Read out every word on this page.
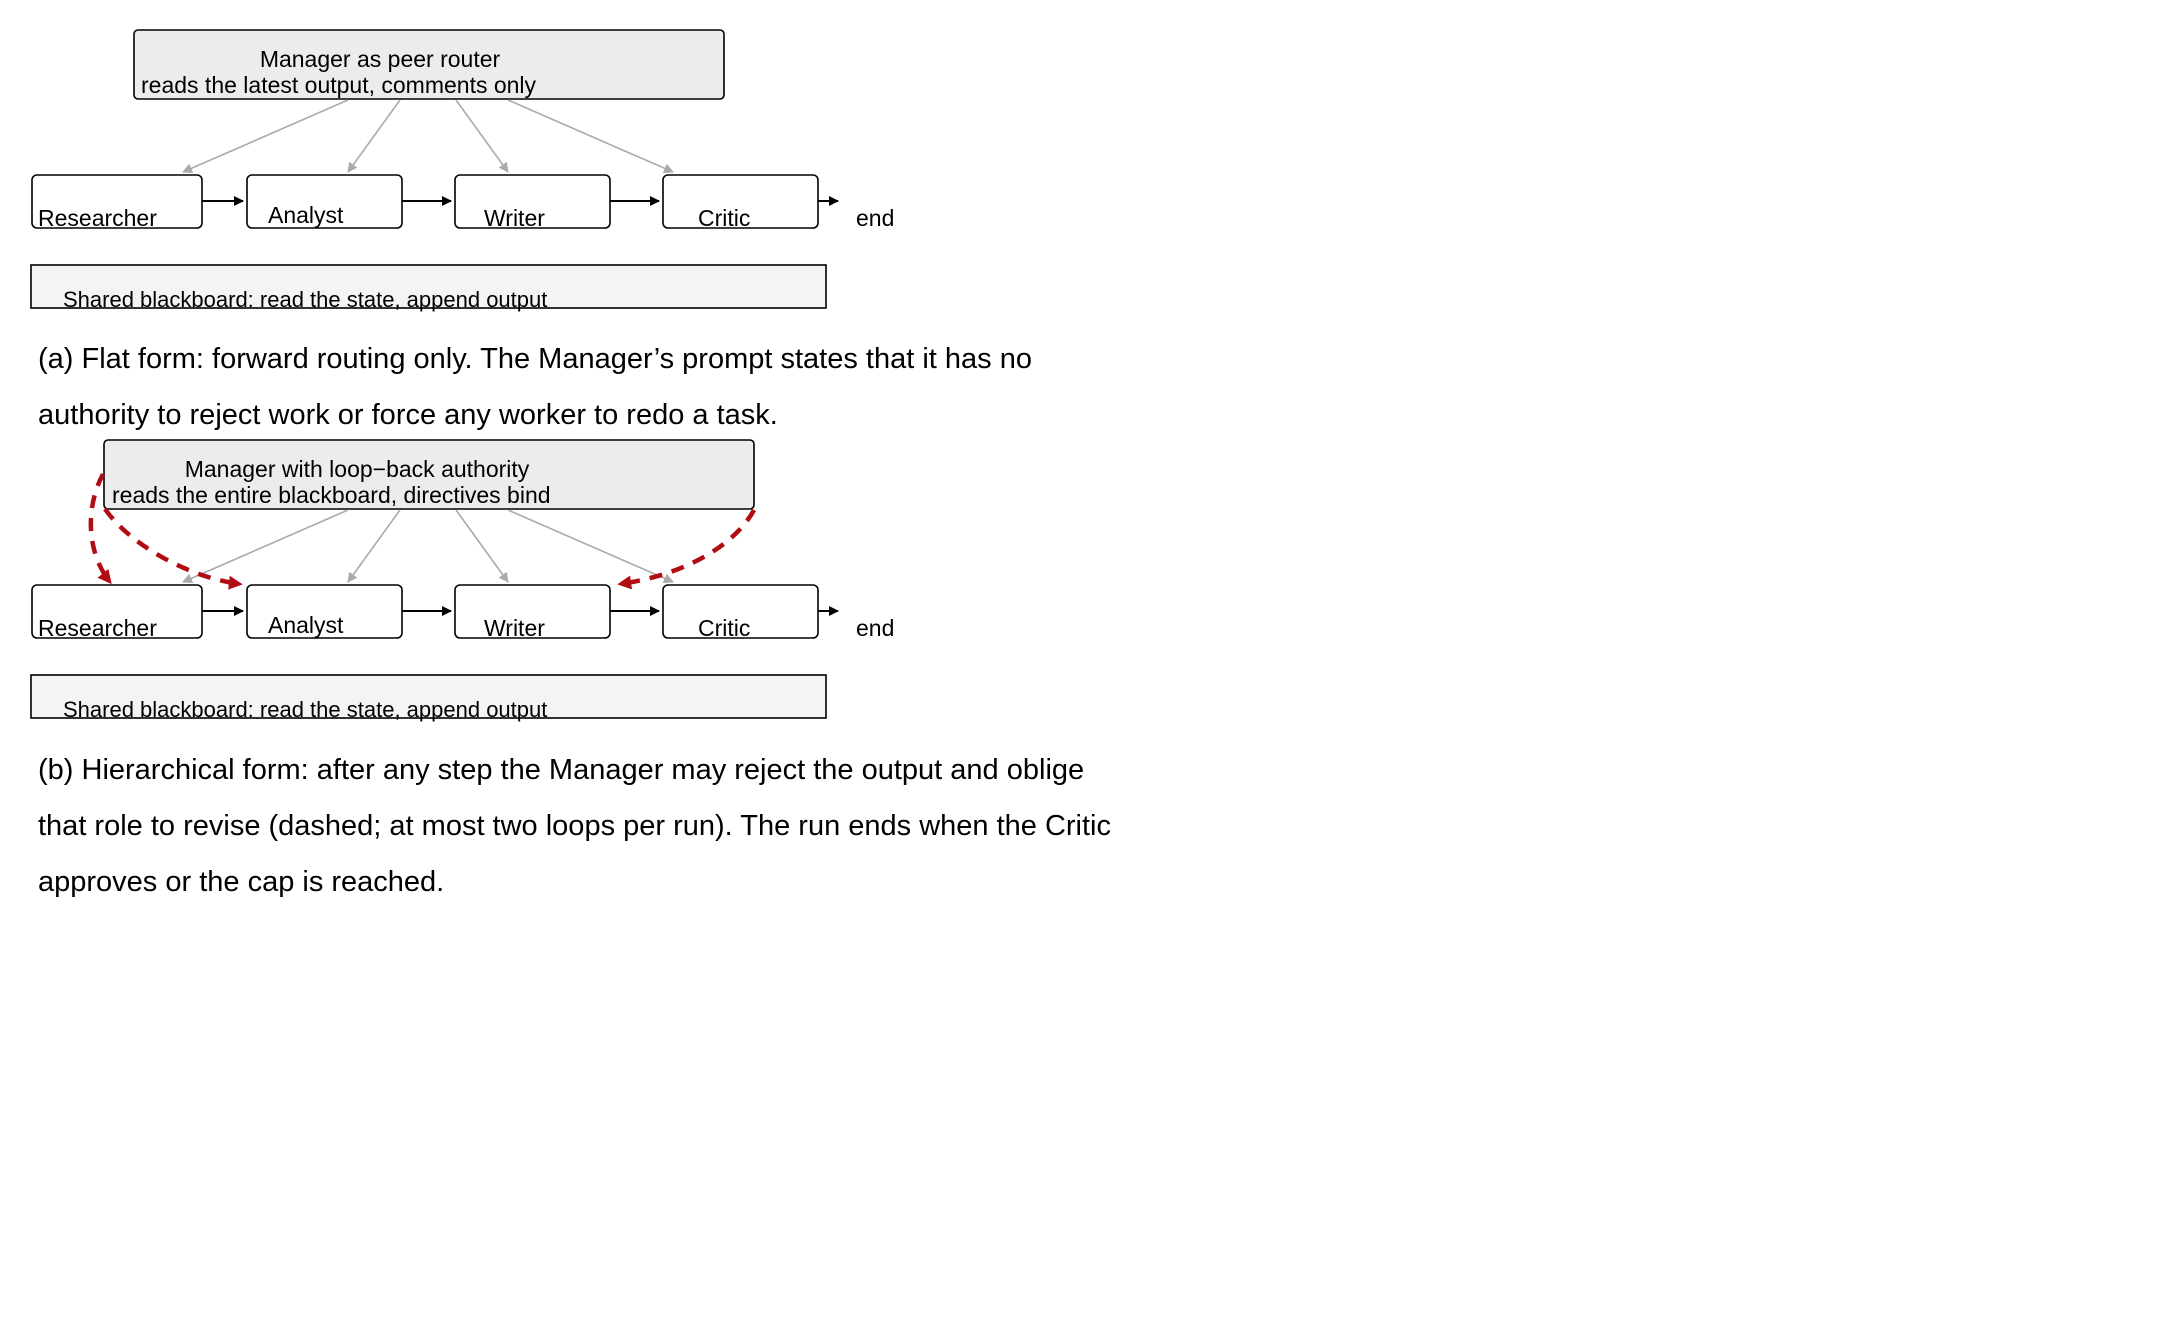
Manager as peer router
reads the latest output, comments only
Researcher	Analyst	Writer	Critic	end
Shared blackboard: read the state, append output
Manager with loop−back authority
reads the entire blackboard, directives bind
Researcher	Analyst	Writer	Critic	end
Shared blackboard: read the state, append output
(a) Flat form: forward routing only. The Manager’s prompt states that it has no
authority to reject work or force any worker to redo a task.
(b) Hierarchical form: after any step the Manager may reject the output and oblige
that role to revise (dashed; at most two loops per run). The run ends when the Critic
approves or the cap is reached.
